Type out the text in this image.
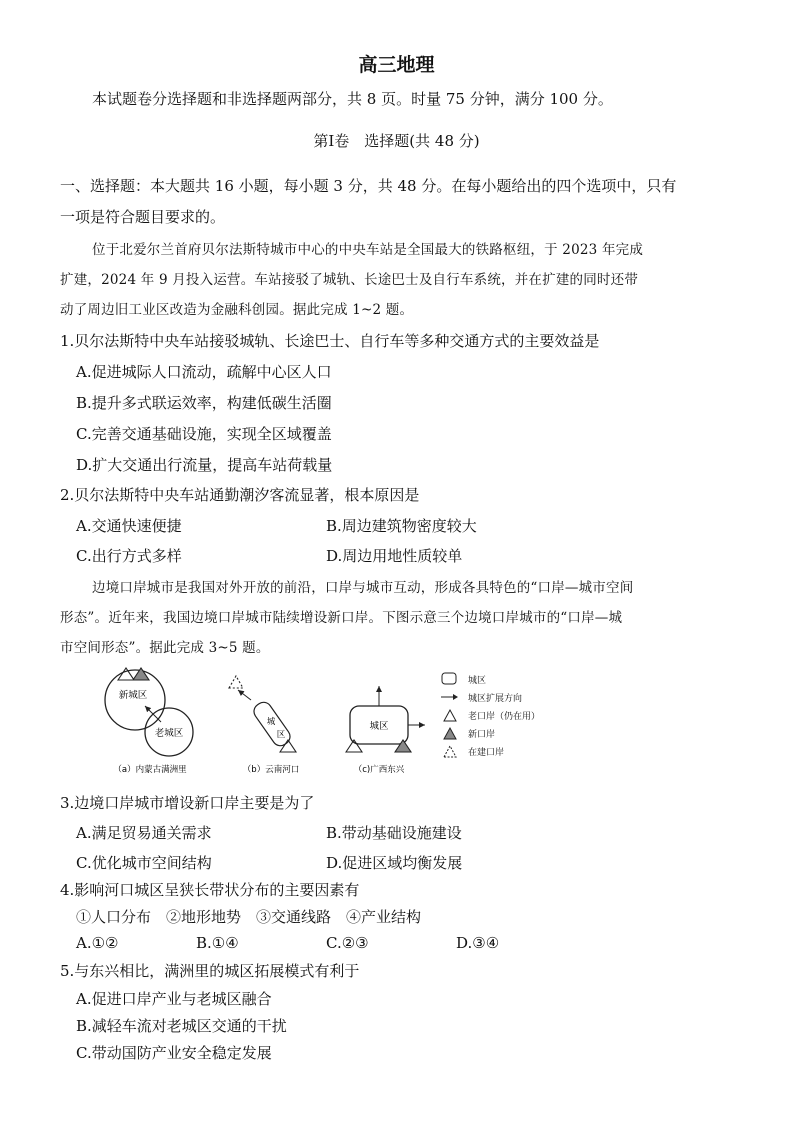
高三地理
本试题卷分选择题和非选择题两部分，共 8 页。时量 75 分钟，满分 100 分。
第Ⅰ卷　选择题(共 48 分)
一、选择题：本大题共 16 小题，每小题 3 分，共 48 分。在每小题给出的四个选项中，只有
一项是符合题目要求的。
位于北爱尔兰首府贝尔法斯特城市中心的中央车站是全国最大的铁路枢纽，于 2023 年完成
扩建，2024 年 9 月投入运营。车站接驳了城轨、长途巴士及自行车系统，并在扩建的同时还带
动了周边旧工业区改造为金融科创园。据此完成 1~2 题。
1.贝尔法斯特中央车站接驳城轨、长途巴士、自行车等多种交通方式的主要效益是
A.促进城际人口流动，疏解中心区人口
B.提升多式联运效率，构建低碳生活圈
C.完善交通基础设施，实现全区域覆盖
D.扩大交通出行流量，提高车站荷载量
2.贝尔法斯特中央车站通勤潮汐客流显著，根本原因是
A.交通快速便捷	B.周边建筑物密度较大
C.出行方式多样	D.周边用地性质较单
边境口岸城市是我国对外开放的前沿，口岸与城市互动，形成各具特色的“口岸—城市空间
形态”。近年来，我国边境口岸城市陆续增设新口岸。下图示意三个边境口岸城市的“口岸—城
市空间形态”。据此完成 3~5 题。
新城区
老城区
（a）内蒙古满洲里
城
区
（b）云南河口
城区
（c)广西东兴
城区
城区扩展方向
老口岸（仍在用）
新口岸
在建口岸
3.边境口岸城市增设新口岸主要是为了
A.满足贸易通关需求	B.带动基础设施建设
C.优化城市空间结构	D.促进区域均衡发展
4.影响河口城区呈狭长带状分布的主要因素有
①人口分布　②地形地势　③交通线路　④产业结构
A.①②	B.①④	C.②③	D.③④
5.与东兴相比，满洲里的城区拓展模式有利于
A.促进口岸产业与老城区融合
B.减轻车流对老城区交通的干扰
C.带动国防产业安全稳定发展
